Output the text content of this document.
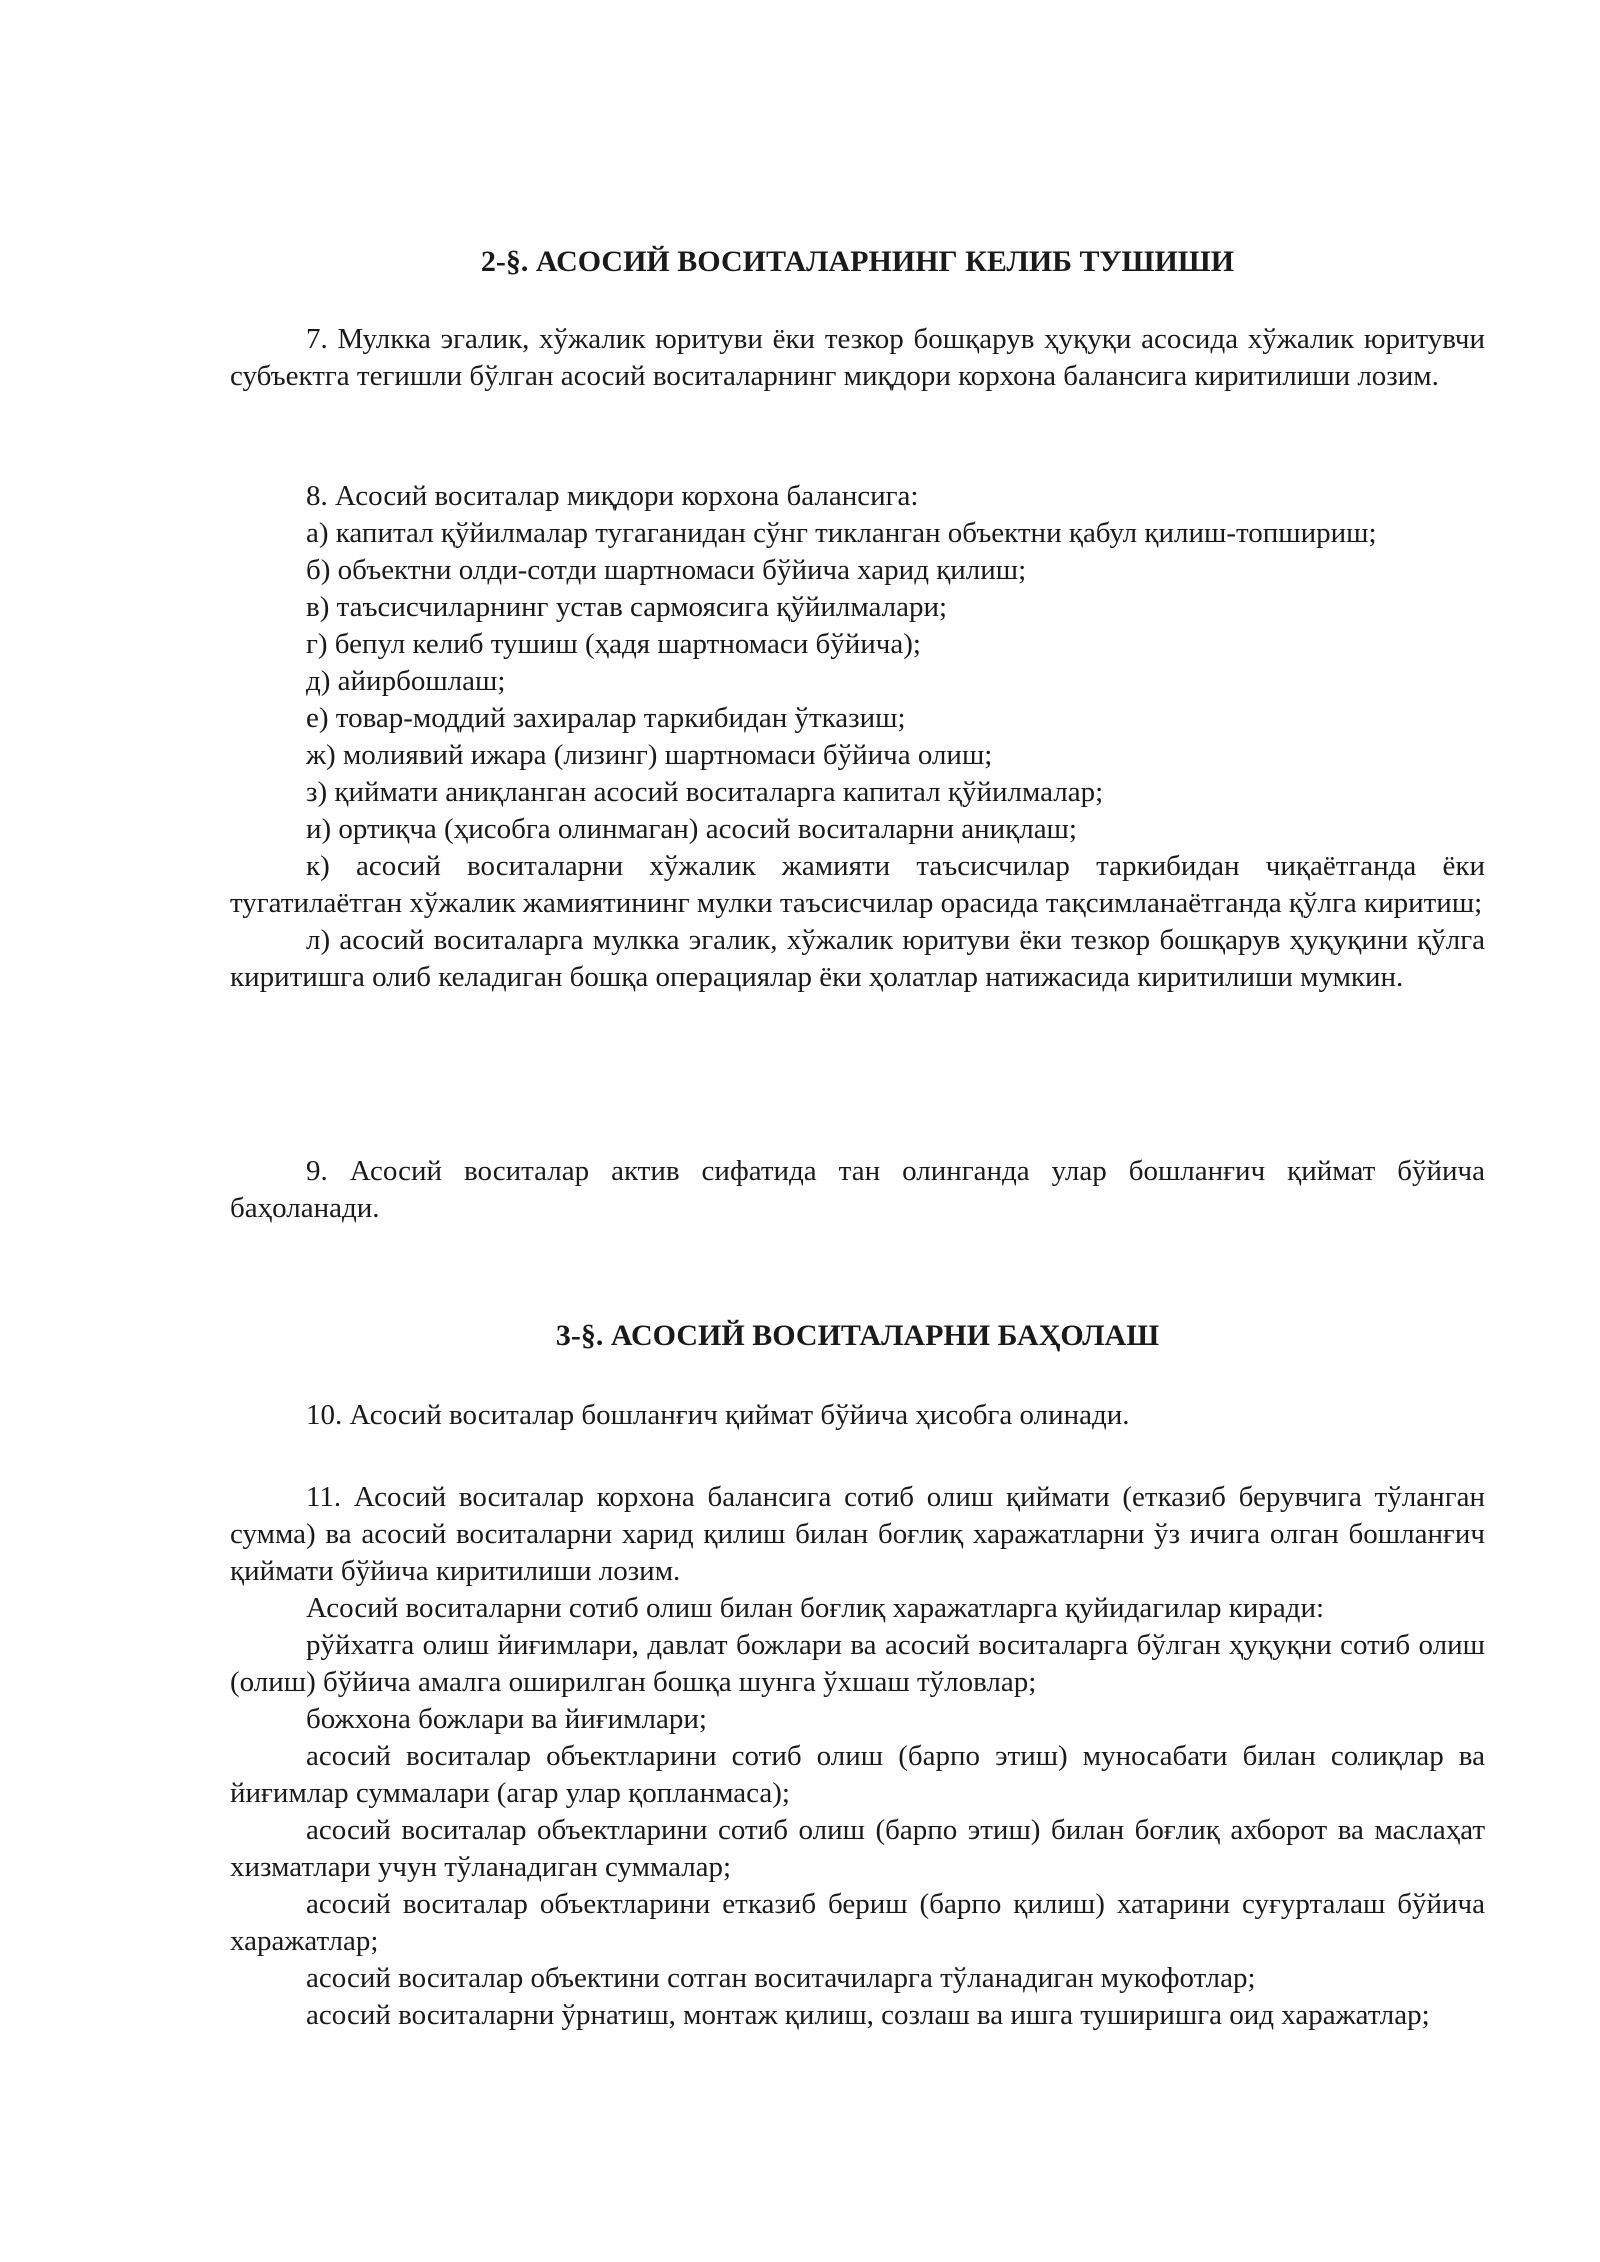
2-§. АСОСИЙ ВОСИТАЛАРНИНГ КЕЛИБ ТУШИШИ

7. Мулкка эгалик, хўжалик юритуви ёки тезкор бошқарув ҳуқуқи асосида хўжалик юритувчи субъектга тегишли бўлган асосий воситаларнинг миқдори корхона балансига киритилиши лозим.

8. Асосий воситалар миқдори корхона балансига:

а) капитал қўйилмалар тугаганидан сўнг тикланган объектни қабул қилиш-топшириш;

б) объектни олди-сотди шартномаси бўйича харид қилиш;

в) таъсисчиларнинг устав сармоясига қўйилмалари;

г) бепул келиб тушиш (ҳадя шартномаси бўйича);

д) айирбошлаш;

е) товар-моддий захиралар таркибидан ўтказиш;

ж) молиявий ижара (лизинг) шартномаси бўйича олиш;

з) қиймати аниқланган асосий воситаларга капитал қўйилмалар;

и) ортиқча (ҳисобга олинмаган) асосий воситаларни аниқлаш;

к) асосий воситаларни хўжалик жамияти таъсисчилар таркибидан чиқаётганда ёки тугатилаётган хўжалик жамиятининг мулки таъсисчилар орасида тақсимланаётганда қўлга киритиш;

л) асосий воситаларга мулкка эгалик, хўжалик юритуви ёки тезкор бошқарув ҳуқуқини қўлга киритишга олиб келадиган бошқа операциялар ёки ҳолатлар натижасида киритилиши мумкин.

9. Асосий воситалар актив сифатида тан олинганда улар бошланғич қиймат бўйича баҳоланади.

3-§. АСОСИЙ ВОСИТАЛАРНИ БАҲОЛАШ

10. Асосий воситалар бошланғич қиймат бўйича ҳисобга олинади.

11. Асосий воситалар корхона балансига сотиб олиш қиймати (етказиб берувчига тўланган сумма) ва асосий воситаларни харид қилиш билан боғлиқ харажатларни ўз ичига олган бошланғич қиймати бўйича киритилиши лозим.

Асосий воситаларни сотиб олиш билан боғлиқ харажатларга қуйидагилар киради:

рўйхатга олиш йиғимлари, давлат божлари ва асосий воситаларга бўлган ҳуқуқни сотиб олиш (олиш) бўйича амалга оширилган бошқа шунга ўхшаш тўловлар;

божхона божлари ва йиғимлари;

асосий воситалар объектларини сотиб олиш (барпо этиш) муносабати билан солиқлар ва йиғимлар суммалари (агар улар қопланмаса);

асосий воситалар объектларини сотиб олиш (барпо этиш) билан боғлиқ ахборот ва маслаҳат хизматлари учун тўланадиган суммалар;

асосий воситалар объектларини етказиб бериш (барпо қилиш) хатарини суғурталаш бўйича харажатлар;

асосий воситалар объектини сотган воситачиларга тўланадиган мукофотлар;

асосий воситаларни ўрнатиш, монтаж қилиш, созлаш ва ишга туширишга оид харажатлар;
